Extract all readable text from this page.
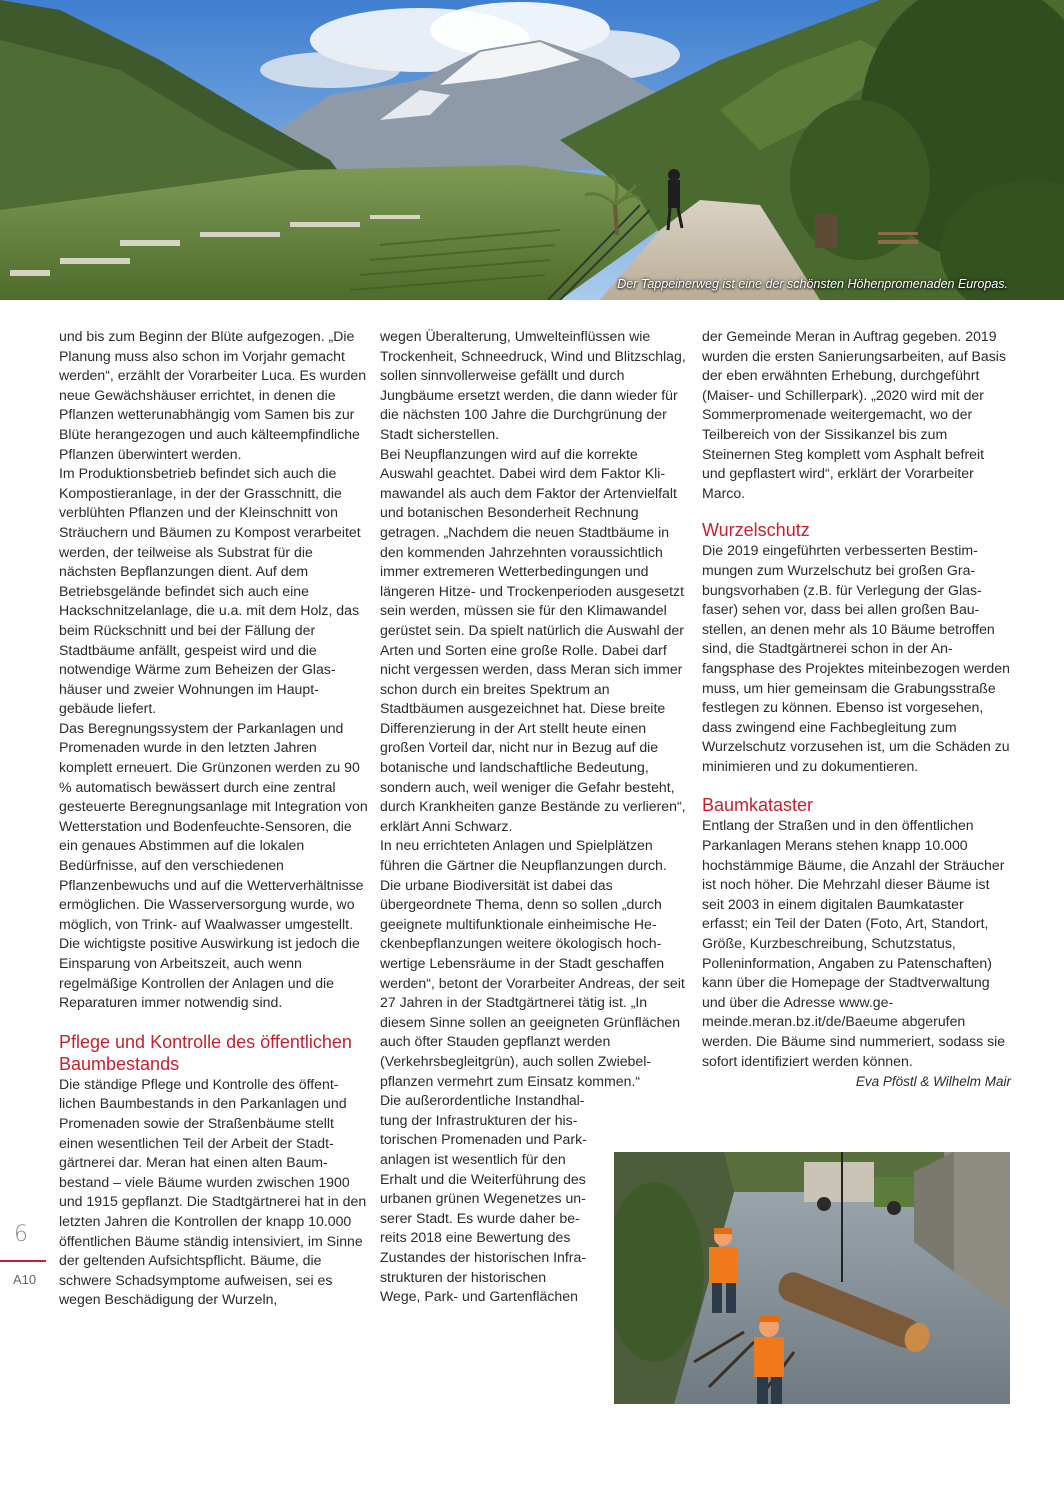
Der Tappeinerweg ist eine der schönsten Höhenpromenaden Europas.

und bis zum Beginn der Blüte aufgezogen. „Die Planung muss also schon im Vorjahr gemacht werden“, erzählt der Vorarbeiter Luca. Es wurden neue Gewächshäuser errichtet, in denen die Pflanzen wetterunabhängig vom Samen bis zur Blüte herangezogen und auch kälteempfindliche Pflanzen überwintert werden.

Im Produktionsbetrieb befindet sich auch die Kompostieranlage, in der der Grasschnitt, die verblühten Pflanzen und der Kleinschnitt von Sträuchern und Bäumen zu Kompost verarbeitet werden, der teilweise als Substrat für die nächsten Bepflanzungen dient. Auf dem Betriebsgelände befindet sich auch eine Hackschnitzelanlage, die u.a. mit dem Holz, das beim Rückschnitt und bei der Fällung der Stadtbäume anfällt, gespeist wird und die notwendige Wärme zum Beheizen der Glashäuser und zweier Wohnungen im Hauptgebäude liefert.

Das Beregnungssystem der Parkanlagen und Promenaden wurde in den letzten Jahren komplett erneuert. Die Grünzonen werden zu 90 % automatisch bewässert durch eine zentral gesteuerte Beregnungsanlage mit Integration von Wetterstation und Bodenfeuchte-Sensoren, die ein genaues Abstimmen auf die lokalen Bedürfnisse, auf den verschiedenen Pflanzenbewuchs und auf die Wetterverhältnisse ermöglichen. Die Wasserversorgung wurde, wo möglich, von Trink- auf Waalwasser umgestellt. Die wichtigste positive Auswirkung ist jedoch die Einsparung von Arbeitszeit, auch wenn regelmäßige Kontrollen der Anlagen und die Reparaturen immer notwendig sind.

Pflege und Kontrolle des öffentlichen Baumbestands

Die ständige Pflege und Kontrolle des öffentlichen Baumbestands in den Parkanlagen und Promenaden sowie der Straßenbäume stellt einen wesentlichen Teil der Arbeit der Stadtgärtnerei dar. Meran hat einen alten Baumbestand – viele Bäume wurden zwischen 1900 und 1915 gepflanzt. Die Stadtgärtnerei hat in den letzten Jahren die Kontrollen der knapp 10.000 öffentlichen Bäume ständig intensiviert, im Sinne der geltenden Aufsichtspflicht. Bäume, die schwere Schadsymptome aufweisen, sei es wegen Beschädigung der Wurzeln,

wegen Überalterung, Umwelteinflüssen wie Trockenheit, Schneedruck, Wind und Blitzschlag, sollen sinnvollerweise gefällt und durch Jungbäume ersetzt werden, die dann wieder für die nächsten 100 Jahre die Durchgrünung der Stadt sicherstellen.

Bei Neupflanzungen wird auf die korrekte Auswahl geachtet. Dabei wird dem Faktor Klimawandel als auch dem Faktor der Artenvielfalt und botanischen Besonderheit Rechnung getragen. „Nachdem die neuen Stadtbäume in den kommenden Jahrzehnten voraussichtlich immer extremeren Wetterbedingungen und längeren Hitze- und Trockenperioden ausgesetzt sein werden, müssen sie für den Klimawandel gerüstet sein. Da spielt natürlich die Auswahl der Arten und Sorten eine große Rolle. Dabei darf nicht vergessen werden, dass Meran sich immer schon durch ein breites Spektrum an Stadtbäumen ausgezeichnet hat. Diese breite Differenzierung in der Art stellt heute einen großen Vorteil dar, nicht nur in Bezug auf die botanische und landschaftliche Bedeutung, sondern auch, weil weniger die Gefahr besteht, durch Krankheiten ganze Bestände zu verlieren“, erklärt Anni Schwarz.

In neu errichteten Anlagen und Spielplätzen führen die Gärtner die Neupflanzungen durch. Die urbane Biodiversität ist dabei das übergeordnete Thema, denn so sollen „durch geeignete multifunktionale einheimische Heckenbepflanzungen weitere ökologisch hochwertige Lebensräume in der Stadt geschaffen werden“, betont der Vorarbeiter Andreas, der seit 27 Jahren in der Stadtgärtnerei tätig ist. „In diesem Sinne sollen an geeigneten Grünflächen auch öfter Stauden gepflanzt werden (Verkehrsbegleitgrün), auch sollen Zwiebelpflanzen vermehrt zum Einsatz kommen.“

Die außerordentliche Instandhaltung der Infrastrukturen der historischen Promenaden und Parkanlagen ist wesentlich für den Erhalt und die Weiterführung des urbanen grünen Wegenetzes unserer Stadt. Es wurde daher bereits 2018 eine Bewertung des Zustandes der historischen Infrastrukturen der historischen Wege, Park- und Gartenflächen

der Gemeinde Meran in Auftrag gegeben. 2019 wurden die ersten Sanierungsarbeiten, auf Basis der eben erwähnten Erhebung, durchgeführt (Maiser- und Schillerpark). „2020 wird mit der Sommerpromenade weitergemacht, wo der Teilbereich von der Sissikanzel bis zum Steinernen Steg komplett vom Asphalt befreit und gepflastert wird“, erklärt der Vorarbeiter Marco.

Wurzelschutz

Die 2019 eingeführten verbesserten Bestimmungen zum Wurzelschutz bei großen Grabungsvorhaben (z.B. für Verlegung der Glasfaser) sehen vor, dass bei allen großen Baustellen, an denen mehr als 10 Bäume betroffen sind, die Stadtgärtnerei schon in der Anfangsphase des Projektes miteinbezogen werden muss, um hier gemeinsam die Grabungsstraße festlegen zu können. Ebenso ist vorgesehen, dass zwingend eine Fachbegleitung zum Wurzelschutz vorzusehen ist, um die Schäden zu minimieren und zu dokumentieren.

Baumkataster

Entlang der Straßen und in den öffentlichen Parkanlagen Merans stehen knapp 10.000 hochstämmige Bäume, die Anzahl der Sträucher ist noch höher. Die Mehrzahl dieser Bäume ist seit 2003 in einem digitalen Baumkataster erfasst; ein Teil der Daten (Foto, Art, Standort, Größe, Kurzbeschreibung, Schutzstatus, Polleninformation, Angaben zu Patenschaften) kann über die Homepage der Stadtverwaltung und über die Adresse www.gemeinde.meran.bz.it/de/Baeume abgerufen werden. Die Bäume sind nummeriert, sodass sie sofort identifiziert werden können.

Eva Pföstl & Wilhelm Mair
6
A10
